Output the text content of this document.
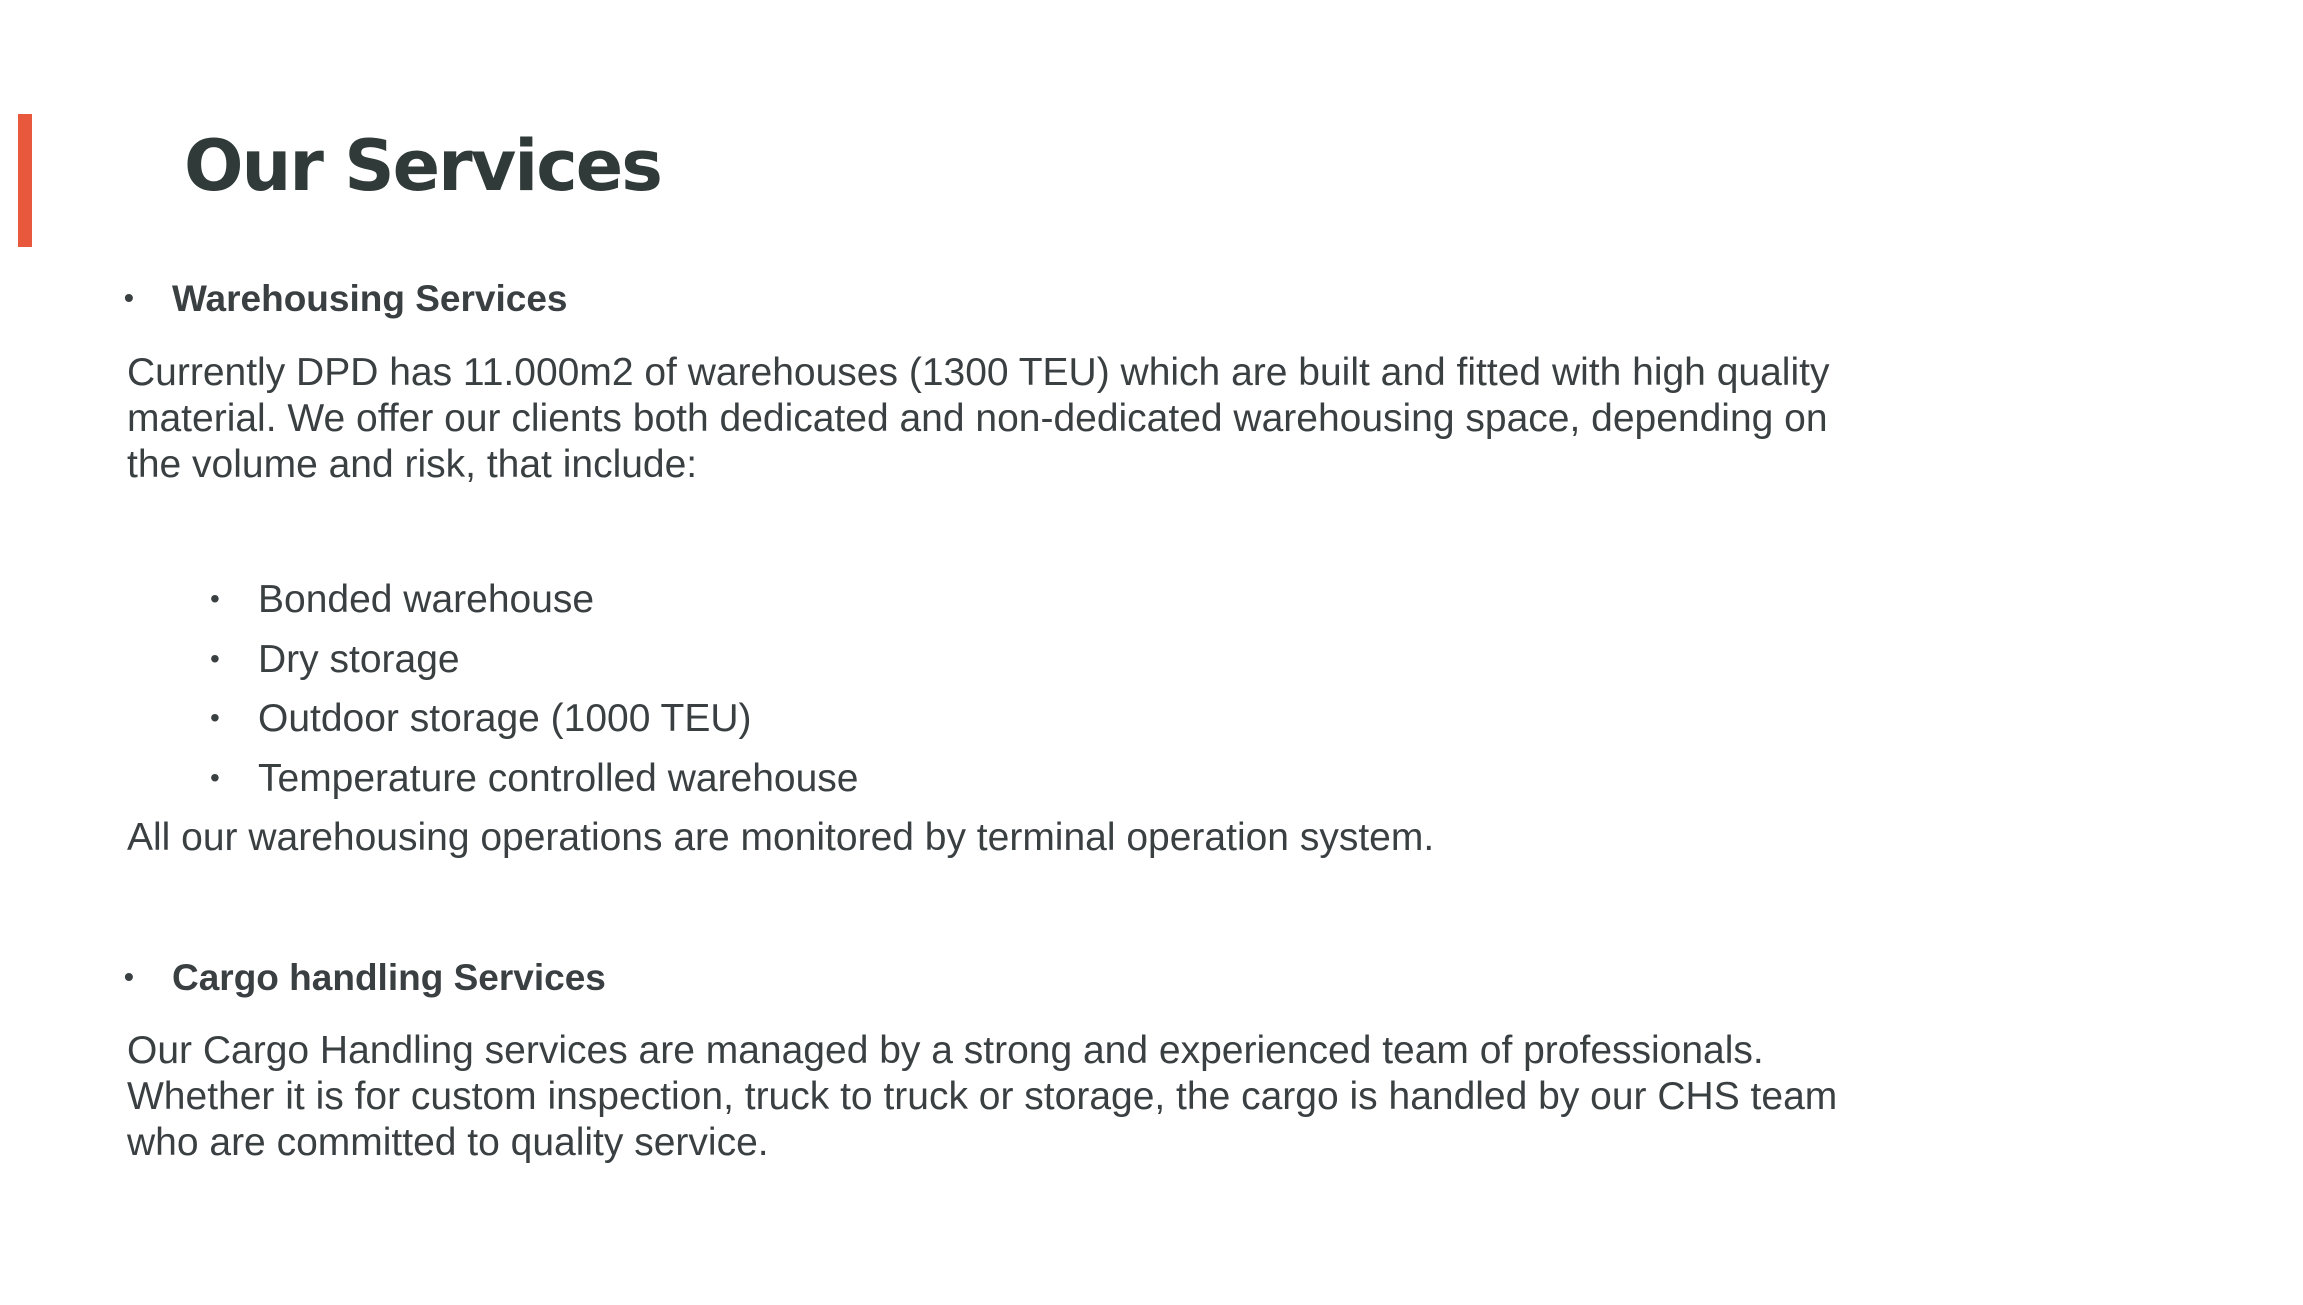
Our Services
• Warehousing Services

Currently DPD has 11.000m2 of warehouses (1300 TEU) which are built and fitted with high quality
material. We offer our clients both dedicated and non-dedicated warehousing space, depending on
the volume and risk, that include:

• Bonded warehouse
• Dry storage
• Outdoor storage (1000 TEU)
• Temperature controlled warehouse

All our warehousing operations are monitored by terminal operation system.

• Cargo handling Services

Our Cargo Handling services are managed by a strong and experienced team of professionals.
Whether it is for custom inspection, truck to truck or storage, the cargo is handled by our CHS team
who are committed to quality service.
